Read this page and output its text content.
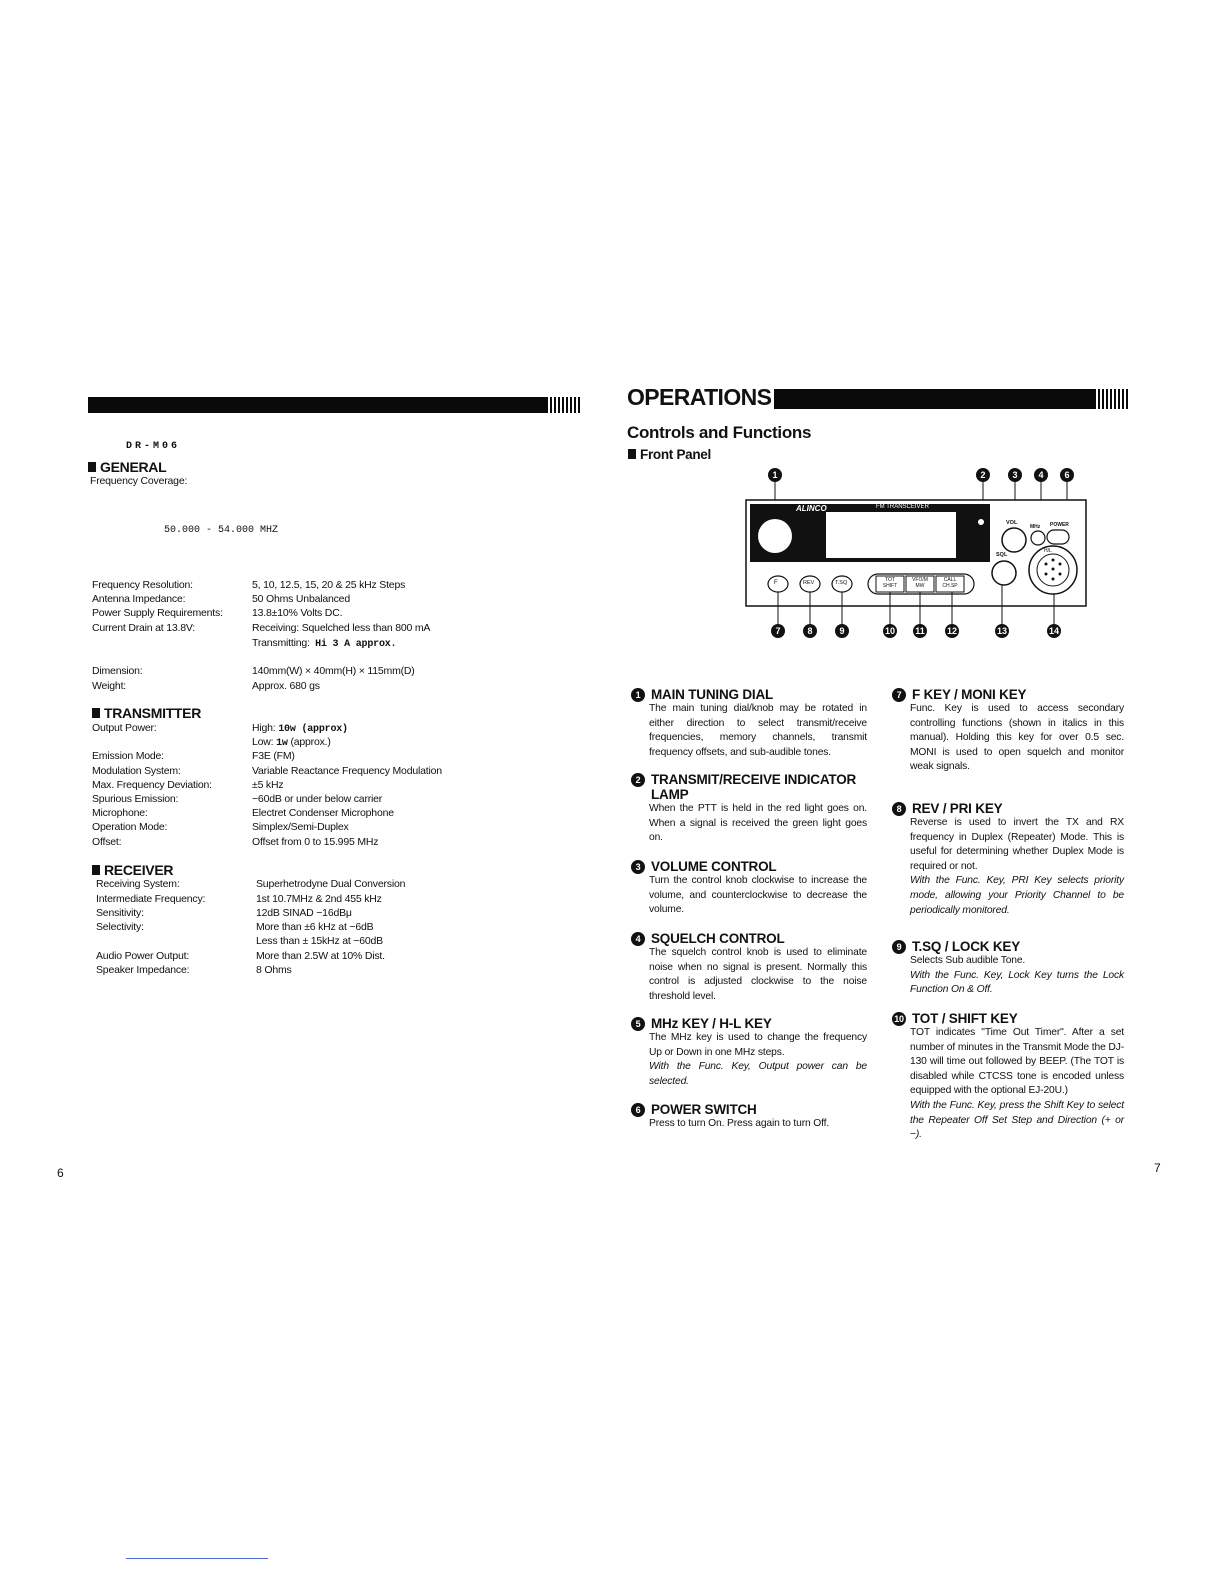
DR-M06
GENERAL
Frequency Coverage:
50.000 - 54.000 MHZ
Frequency Resolution:	5, 10, 12.5, 15, 20 & 25 kHz Steps
Antenna Impedance:	50 Ohms Unbalanced
Power Supply Requirements:	13.8±10% Volts DC.
Current Drain at 13.8V:	Receiving: Squelched less than 800 mA
Transmitting: Hi 3 A approx.
Dimension:	140mm(W) × 40mm(H) × 115mm(D)
Weight:	Approx. 680 gs
TRANSMITTER
Output Power:	High: 10w (approx)
Low: 1w (approx.)
Emission Mode:	F3E (FM)
Modulation System:	Variable Reactance Frequency Modulation
Max. Frequency Deviation:	±5 kHz
Spurious Emission:	−60dB or under below carrier
Microphone:	Electret Condenser Microphone
Operation Mode:	Simplex/Semi-Duplex
Offset:	Offset from 0 to 15.995 MHz
RECEIVER
Receiving System:	Superhetrodyne Dual Conversion
Intermediate Frequency:	1st 10.7MHz & 2nd 455 kHz
Sensitivity:	12dB SINAD −16dBμ
Selectivity:	More than ±6 kHz at −6dB
Less than ± 15kHz at −60dB
Audio Power Output:	More than 2.5W at 10% Dist.
Speaker Impedance:	8 Ohms
6
OPERATIONS
Controls and Functions
Front Panel
1	2	3	4	6
ALINCO	FM TRANSCEIVER
VOL
SQL
POWER
MHz
H/L
F	REV	T.SQ	TOT
SHIFT
VFO/M
MW
CALL
CH.SP
7	8	9	10 11 12	13	14
1 MAIN TUNING DIAL
The main tuning dial/knob may be rotated in either direction to select transmit/receive frequencies, memory channels, transmit frequency offsets, and sub-audible tones.
2 TRANSMIT/RECEIVE INDICATOR LAMP
When the PTT is held in the red light goes on. When a signal is received the green light goes on.
3 VOLUME CONTROL
Turn the control knob clockwise to increase the volume, and counterclockwise to decrease the volume.
4 SQUELCH CONTROL
The squelch control knob is used to eliminate noise when no signal is present. Normally this control is adjusted clockwise to the noise threshold level.
5 MHz KEY / H-L KEY
The MHz key is used to change the frequency Up or Down in one MHz steps.
With the Func. Key, Output power can be selected.
6 POWER SWITCH
Press to turn On. Press again to turn Off.
7 F KEY / MONI KEY
Func. Key is used to access secondary controlling functions (shown in italics in this manual). Holding this key for over 0.5 sec. MONI is used to open squelch and monitor weak signals.
8 REV / PRI KEY
Reverse is used to invert the TX and RX frequency in Duplex (Repeater) Mode. This is useful for determining whether Duplex Mode is required or not.
With the Func. Key, PRI Key selects priority mode, allowing your Priority Channel to be periodically monitored.
9 T.SQ / LOCK KEY
Selects Sub audible Tone.
With the Func. Key, Lock Key turns the Lock Function On & Off.
10 TOT / SHIFT KEY
TOT indicates "Time Out Timer". After a set number of minutes in the Transmit Mode the DJ-130 will time out followed by BEEP. (The TOT is disabled while CTCSS tone is encoded unless equipped with the optional EJ-20U.)
With the Func. Key, press the Shift Key to select the Repeater Off Set Step and Direction (+ or −).
7
